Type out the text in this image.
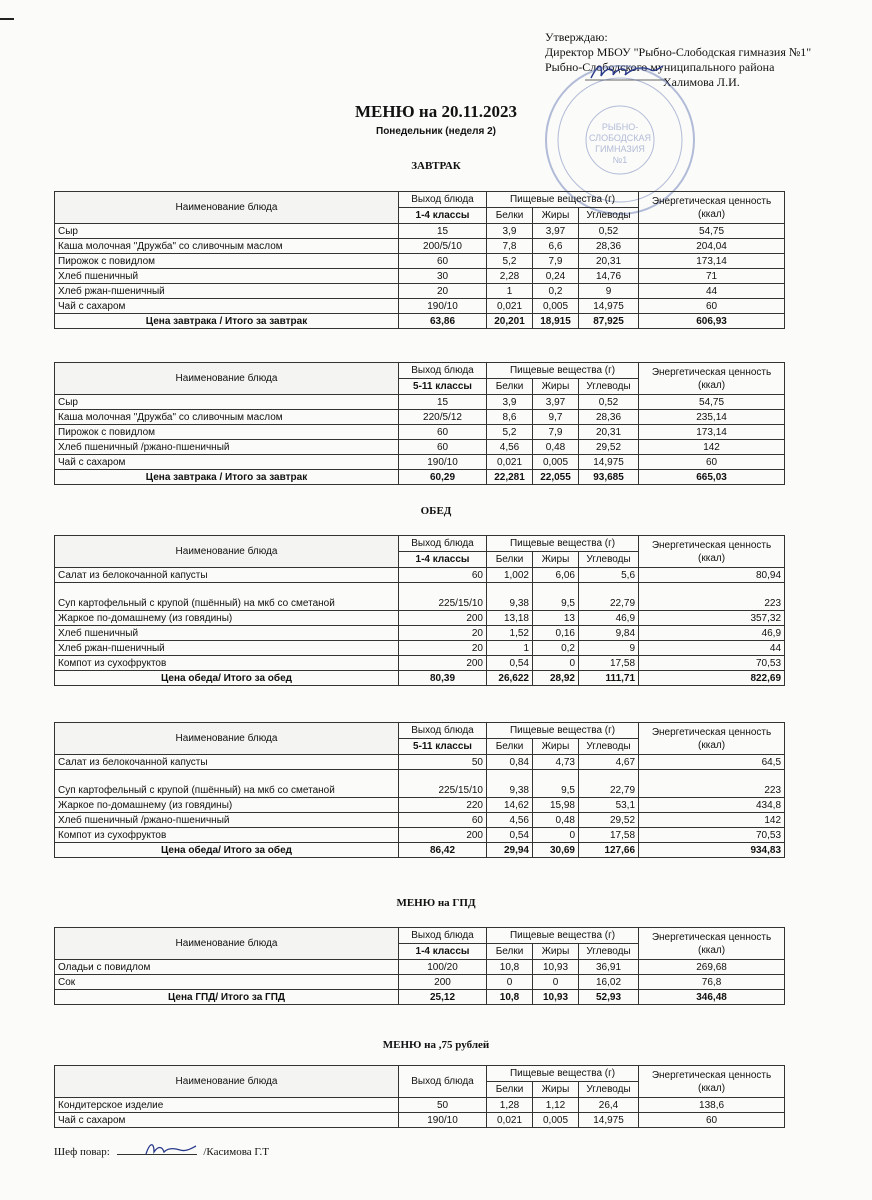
Утверждаю:
Директор МБОУ "Рыбно-Слободская гимназия №1"
Рыбно-Слободского муниципального района
Халимова Л.И.
РЫБНО-
СЛОБОДСКАЯ
ГИМНАЗИЯ
№1
МЕНЮ на 20.11.2023
Понедельник (неделя 2)
ЗАВТРАК
ОБЕД
МЕНЮ на ГПД
МЕНЮ на ,75 рублей
Наименование блюда	Выход блюда	Пищевые вещества (г)			Энергетическая ценность (ккал)
	1-4 классы	Белки	Жиры	Углеводы	
Сыр	15	3,9	3,97	0,52	54,75
Каша молочная "Дружба" со сливочным маслом	200/5/10	7,8	6,6	28,36	204,04
Пирожок с повидлом	60	5,2	7,9	20,31	173,14
Хлеб пшеничный	30	2,28	0,24	14,76	71
Хлеб ржан-пшеничный	20	1	0,2	9	44
Чай с сахаром	190/10	0,021	0,005	14,975	60
Цена завтрака / Итого за завтрак	63,86	20,201	18,915	87,925	606,93
Наименование блюда	Выход блюда	Пищевые вещества (г)			Энергетическая ценность (ккал)
	5-11 классы	Белки	Жиры	Углеводы	
Сыр	15	3,9	3,97	0,52	54,75
Каша молочная "Дружба" со сливочным маслом	220/5/12	8,6	9,7	28,36	235,14
Пирожок с повидлом	60	5,2	7,9	20,31	173,14
Хлеб пшеничный /ржано-пшеничный	60	4,56	0,48	29,52	142
Чай с сахаром	190/10	0,021	0,005	14,975	60
Цена завтрака / Итого за завтрак	60,29	22,281	22,055	93,685	665,03
Наименование блюда	Выход блюда	Пищевые вещества (г)			Энергетическая ценность (ккал)
	1-4 классы	Белки	Жиры	Углеводы	
Салат из белокочанной капусты	60	1,002	6,06	5,6	80,94
Суп картофельный с крупой (пшённый) на мкб со сметаной	225/15/10	9,38	9,5	22,79	223
Жаркое по-домашнему (из говядины)	200	13,18	13	46,9	357,32
Хлеб пшеничный	20	1,52	0,16	9,84	46,9
Хлеб ржан-пшеничный	20	1	0,2	9	44
Компот из сухофруктов	200	0,54	0	17,58	70,53
Цена обеда/ Итого за обед	80,39	26,622	28,92	111,71	822,69
Наименование блюда	Выход блюда	Пищевые вещества (г)			Энергетическая ценность (ккал)
	5-11 классы	Белки	Жиры	Углеводы	
Салат из белокочанной капусты	50	0,84	4,73	4,67	64,5
Суп картофельный с крупой (пшённый) на мкб со сметаной	225/15/10	9,38	9,5	22,79	223
Жаркое по-домашнему (из говядины)	220	14,62	15,98	53,1	434,8
Хлеб пшеничный /ржано-пшеничный	60	4,56	0,48	29,52	142
Компот из сухофруктов	200	0,54	0	17,58	70,53
Цена обеда/ Итого за обед	86,42	29,94	30,69	127,66	934,83
Наименование блюда	Выход блюда	Пищевые вещества (г)			Энергетическая ценность (ккал)
	1-4 классы	Белки	Жиры	Углеводы	
Оладьи с повидлом	100/20	10,8	10,93	36,91	269,68
Сок	200	0	0	16,02	76,8
Цена ГПД/ Итого за ГПД	25,12	10,8	10,93	52,93	346,48
Наименование блюда	Выход блюда	Пищевые вещества (г)			Энергетическая ценность (ккал)
		Белки	Жиры	Углеводы	
Кондитерское изделие	50	1,28	1,12	26,4	138,6
Чай с сахаром	190/10	0,021	0,005	14,975	60
Шеф повар:	/Касимова Г.Т
